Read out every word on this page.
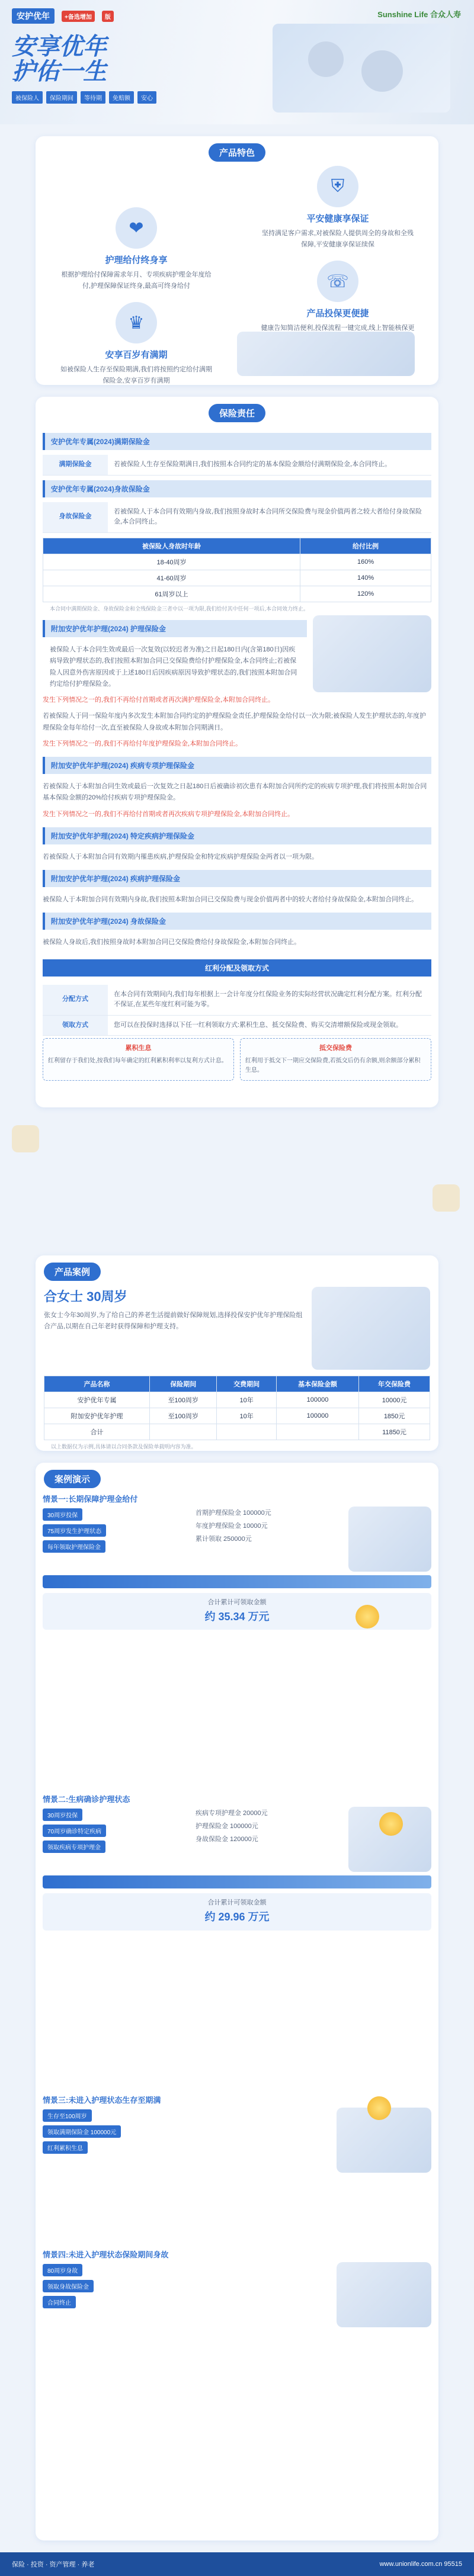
安护优年	+备选增加	版	Sunshine Life 合众人寿
安享优年
护佑一生
被保险人	保险期间	等待期	免赔额	安心
产品特色
⛨
平安健康享保证

坚持满足客户需求,对被保险人提供周全的身故和全残保障,平安健康享保证续保

❤
护理给付终身享

根据护理给付保障需求年月、专项疾病护理金年度给付,护理保障保证终身,最高可终身给付	☏
产品投保更便捷

健康告知简洁便利,投保流程一键完成,线上智能核保更

♛
安享百岁有满期

如被保险人生存至保险期满,我们将按照约定给付满期保险金,安享百岁有满期

保险责任
安护优年专属(2024)满期保险金
满期保险金	若被保险人生存至保险期满日,我们按照本合同约定的基本保险金额给付满期保险金,本合同终止。
安护优年专属(2024)身故保险金
身故保险金
若被保险人于本合同有效期内身故,我们按照身故时本合同所交保险费与现金价值两者之较大者给付身故保险金,本合同终止。
被保险人身故时年龄	给付比例
18-40周岁	160%
41-60周岁	140%
61周岁以上	120%

本合同中满期保险金、身故保险金和全残保险金三者中以一项为限,我们给付其中任何一项后,本合同效力终止。

附加安护优年护理(2024) 护理保险金

被保险人于本合同生效或最后一次复效(以较迟者为准)之日起180日内(含第180日)因疾病导致护理状态的,我们按照本附加合同已交保险费给付护理保险金,本合同终止;若被保险人因意外伤害原因或于上述180日后因疾病原因导致护理状态的,我们按照本附加合同约定给付护理保险金。

发生下列情况之一的,我们不再给付首期或者再次满护理保险金,本附加合同终止。

若被保险人于同一保险年度内多次发生本附加合同约定的护理保险金责任,护理保险金给付以一次为限;被保险人发生护理状态的,年度护理保险金每年给付一次,直至被保险人身故或本附加合同期满日。

发生下列情况之一的,我们不再给付年度护理保险金,本附加合同终止。

附加安护优年护理(2024) 疾病专项护理保险金

若被保险人于本附加合同生效或最后一次复效之日起180日后被确诊初次患有本附加合同所约定的疾病专项护理,我们将按照本附加合同基本保险金额的20%给付疾病专项护理保险金。

发生下列情况之一的,我们不再给付首期或者再次疾病专项护理保险金,本附加合同终止。

附加安护优年护理(2024) 特定疾病护理保险金

若被保险人于本附加合同有效期内罹患疾病,护理保险金和特定疾病护理保险金两者以一项为限。

附加安护优年护理(2024) 疾病护理保险金

被保险人于本附加合同有效期内身故,我们按照本附加合同已交保险费与现金价值两者中的较大者给付身故保险金,本附加合同终止。

附加安护优年护理(2024) 身故保险金

被保险人身故后,我们按照身故时本附加合同已交保险费给付身故保险金,本附加合同终止。

红利分配及领取方式
分配方式
在本合同有效期间内,我们每年根据上一会计年度分红保险业务的实际经营状况确定红利分配方案。红利分配不保证,在某些年度红利可能为零。
领取方式	您可以在投保时选择以下任一红利领取方式:累积生息、抵交保险费、购买交清增额保险或现金领取。
累积生息
红利留存于我们处,按我们每年确定的红利累积利率以复利方式计息。
抵交保险费
红利用于抵交下一期应交保险费,若抵交后仍有余额,则余额部分累积生息。
产品案例
合女士 30周岁

张女士今年30周岁,为了给自己的养老生活提前做好保障规划,选择投保安护优年护理保险组合产品,以期在自己年老时获得保障和护理支持。

产品名称	保险期间	交费期间	基本保险金额	年交保险费
安护优年专属	至100周岁	10年	100000	10000元
附加安护优年护理	至100周岁	10年	100000	1850元
合计				11850元

以上数据仅为示例,具体请以合同条款及保险单载明内容为准。

案例演示
情景一:长期保障护理金给付
30周岁投保
75周岁发生护理状态
每年领取护理保险金
首期护理保险金 100000元
年度护理保险金 10000元
累计领取 250000元
合计累计可领取金额
约 35.34 万元
情景二:生病确诊护理状态
30周岁投保
70周岁确诊特定疾病
领取疾病专项护理金
疾病专项护理金 20000元
护理保险金 100000元
身故保险金 120000元
合计累计可领取金额
约 29.96 万元
情景三:未进入护理状态生存至期满
生存至100周岁
领取满期保险金 100000元
红利累积生息
情景四:未进入护理状态保险期间身故
80周岁身故
领取身故保险金
合同终止
保险 · 投资 · 资产管理 · 养老	www.unionlife.com.cn 95515
